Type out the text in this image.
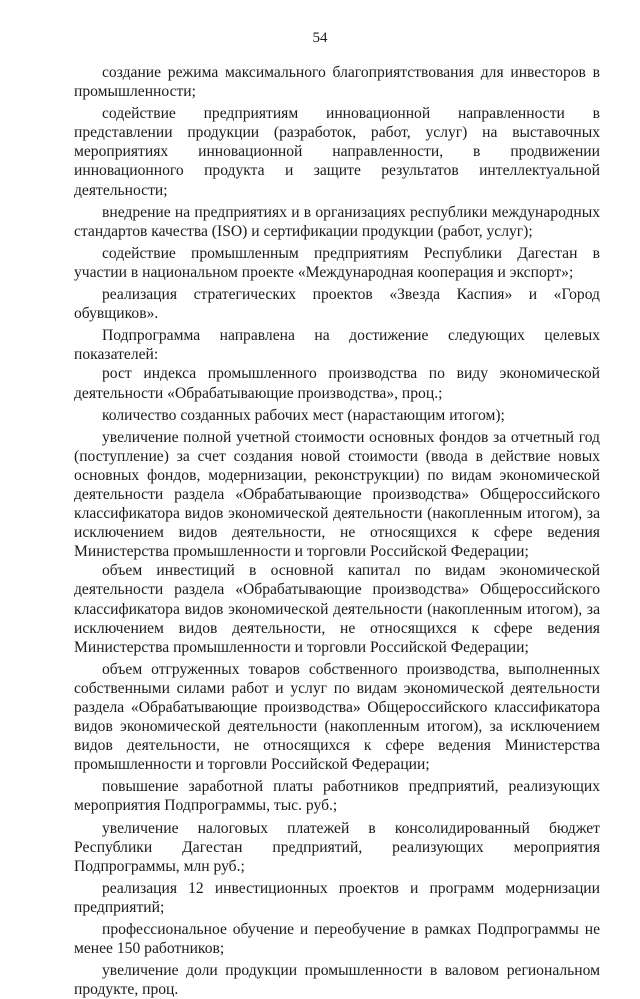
54

создание режима максимального благоприятствования для инвесторов в промышленности;

содействие предприятиям инновационной направленности в представлении продукции (разработок, работ, услуг) на выставочных мероприятиях инновационной направленности, в продвижении инновационного продукта и защите результатов интеллектуальной деятельности;

внедрение на предприятиях и в организациях республики международных стандартов качества (ISO) и сертификации продукции (работ, услуг);

содействие промышленным предприятиям Республики Дагестан в участии в национальном проекте «Международная кооперация и экспорт»;

реализация стратегических проектов «Звезда Каспия» и «Город обувщиков».

Подпрограмма направлена на достижение следующих целевых показателей:

рост индекса промышленного производства по виду экономической деятельности «Обрабатывающие производства», проц.;

количество созданных рабочих мест (нарастающим итогом);

увеличение полной учетной стоимости основных фондов за отчетный год (поступление) за счет создания новой стоимости (ввода в действие новых основных фондов, модернизации, реконструкции) по видам экономической деятельности раздела «Обрабатывающие производства» Общероссийского классификатора видов экономической деятельности (накопленным итогом), за исключением видов деятельности, не относящихся к сфере ведения Министерства промышленности и торговли Российской Федерации;

объем инвестиций в основной капитал по видам экономической деятельности раздела «Обрабатывающие производства» Общероссийского классификатора видов экономической деятельности (накопленным итогом), за исключением видов деятельности, не относящихся к сфере ведения Министерства промышленности и торговли Российской Федерации;

объем отгруженных товаров собственного производства, выполненных собственными силами работ и услуг по видам экономической деятельности раздела «Обрабатывающие производства» Общероссийского классификатора видов экономической деятельности (накопленным итогом), за исключением видов деятельности, не относящихся к сфере ведения Министерства промышленности и торговли Российской Федерации;

повышение заработной платы работников предприятий, реализующих мероприятия Подпрограммы, тыс. руб.;

увеличение налоговых платежей в консолидированный бюджет Республики Дагестан предприятий, реализующих мероприятия Подпрограммы, млн руб.;

реализация 12 инвестиционных проектов и программ модернизации предприятий;

профессиональное обучение и переобучение в рамках Подпрограммы не менее 150 работников;

увеличение доли продукции промышленности в валовом региональном продукте, проц.
